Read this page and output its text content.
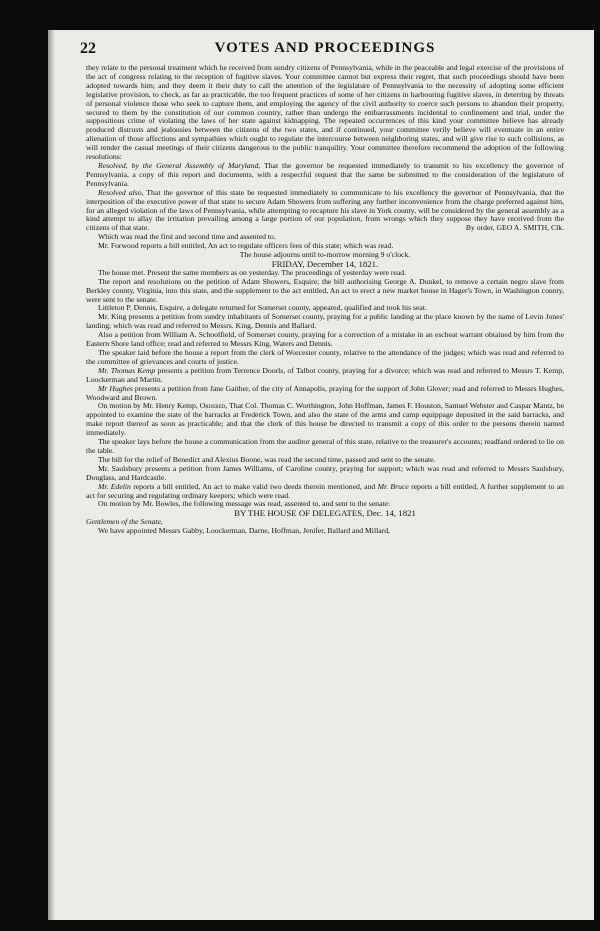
22	VOTES AND PROCEEDINGS

they relate to the personal treatment which he received from sundry citizens of Pennsylvania, while in the peaceable and legal exercise of the provisions of the act of congress relating to the reception of fugitive slaves. Your committee cannot but express their regret, that such proceedings should have been adopted towards him; and they deem it their duty to call the attention of the legislature of Pennsylvania to the necessity of adopting some efficient legislative provision, to check, as far as practicable, the too frequent practices of some of her citizens in harbouring fugitive slaves, in deterring by threats of personal violence those who seek to capture them, and employing the agency of the civil authority to coerce such persons to abandon their property, secured to them by the constitution of our common country, rather than undergo the embarrassments incidental to confinement and trial, under the suppositious crime of violating the laws of her state against kidnapping. The repeated occurrences of this kind your committee believe has already produced distrusts and jealousies between the citizens of the two states, and if continued, your committee verily believe will eventuate in an entire alienation of those affections and sympathies which ought to regulate the intercourse between neighboring states, and will give rise to such collisions, as will render the casual meetings of their citizens dangerous to the public tranquility. Your committee therefore recommend the adoption of the following resolutions:

Resolved, by the General Assembly of Maryland, That the governor be requested immediately to transmit to his excellency the governor of Pennsylvania, a copy of this report and documents, with a respectful request that the same be submitted to the consideration of the legislature of Pennsylvania.

Resolved also, That the governor of this state be requested immediately to communicate to his excellency the governor of Pennsylvania, that the interposition of the executive power of that state to secure Adam Showers from suffering any further inconvenience from the charge preferred against him, for an alleged violation of the laws of Pennsylvania, while attempting to recapture his slave in York county, will be considered by the general assembly as a kind attempt to allay the irritation prevailing among a large portion of our population, from wrongs which they suppose they have received from the citizens of that state.	By order, GEO A. SMITH, Clk.

Which was read the first and second time and assented to.

Mr. Forwood reports a bill entitled, An act to regulate officers fees of this state; which was read.

The house adjourns until to-morrow morning 9 o'clock.

FRIDAY, December 14, 1821.

The house met. Present the same members as on yesterday. The proceedings of yesterday were read.

The report and resolutions on the petition of Adam Showers, Esquire; the bill authorising George A. Dunkel, to remove a certain negro slave from Berkley county, Virginia, into this state, and the supplement to the act entitled, An act to erect a new market house in Hager's Town, in Washington county, were sent to the senate.

Littleton P. Dennis, Esquire, a delegate returned for Somerset county, appeared, qualified and took his seat.

Mr. King presents a petition from sundry inhabitants of Somerset county, praying for a public landing at the place known by the name of Levin Jones' landing; which was read and referred to Messrs. King, Dennis and Ballard.

Also a petition from William A. Schoolfield, of Somerset county, praying for a correction of a mistake in an escheat warrant obtained by him from the Eastern Shore land office; read and referred to Messrs King, Waters and Dennis.

The speaker laid before the house a report from the clerk of Worcester county, relative to the attendance of the judges; which was read and referred to the committee of grievances and courts of justice.

Mr. Thomas Kemp presents a petition from Terrence Doorls, of Talbot county, praying for a divorce; which was read and referred to Messrs T. Kemp, Loockerman and Martin.

Mr Hughes presents a petition from Jane Gaither, of the city of Annapolis, praying for the support of John Glover; read and referred to Messrs Hughes, Woodward and Brown.

On motion by Mr. Henry Kemp, Ordered, That Col. Thomas C. Worthington, John Hoffman, James F. Houston, Samuel Webster and Caspar Mantz, be appointed to examine the state of the barracks at Frederick Town, and also the state of the arms and camp equippage deposited in the said barracks, and make report thereof as soon as practicable; and that the clerk of this house be directed to transmit a copy of this order to the persons therein named immediately.

The speaker lays before the house a communication from the auditor general of this state, relative to the treasurer's accounts; readfand ordered to lie on the table.

The bill for the relief of Benedict and Alexius Boone, was read the second time, passed and sent to the senate.

Mr. Saulsbury presents a petition from James Williams, of Caroline county, praying for support; which was read and referred to Messrs Saulsbury, Douglass, and Hardcastle.

Mr. Edelin reports a bill entitled, An act to make valid two deeds therein mentioned, and Mr. Bruce reports a bill entitled, A further supplement to an act for securing and regulating ordinary keepers; which were read.

On motion by Mr. Bowles, the following message was read, assented to, and sent to the senate:

BY THE HOUSE OF DELEGATES, Dec. 14, 1821

Gentlemen of the Senate,

We have appointed Messrs Gabby, Loockerman, Darne, Hoffman, Jenifer, Ballard and Millard,
